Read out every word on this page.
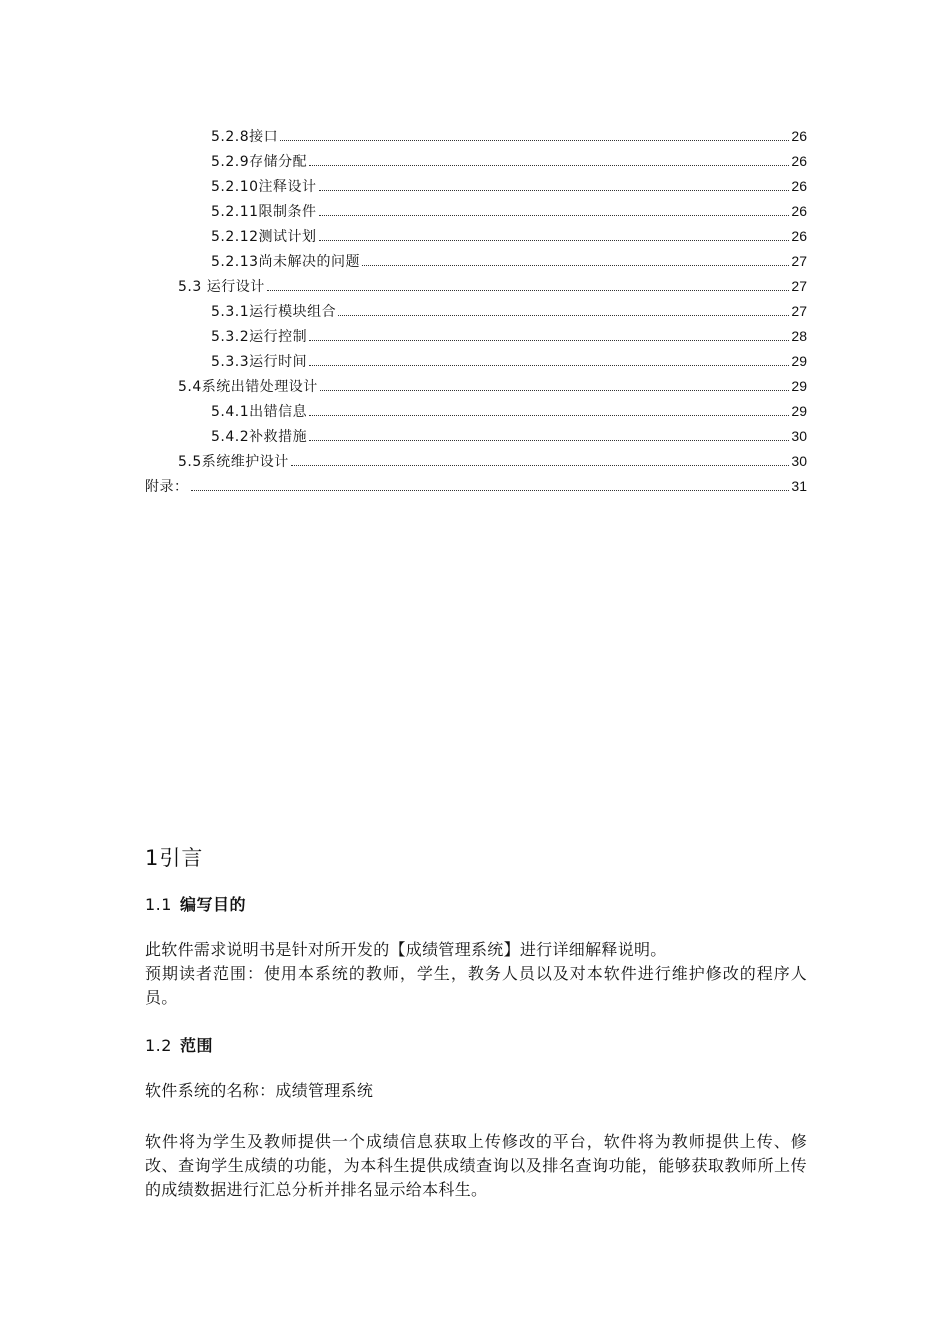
5.2.8接口	26
5.2.9存储分配	26
5.2.10注释设计	26
5.2.11限制条件	26
5.2.12测试计划	26
5.2.13尚未解决的问题	27
5.3 运行设计	27
5.3.1运行模块组合	27
5.3.2运行控制	28
5.3.3运行时间	29
5.4系统出错处理设计	29
5.4.1出错信息	29
5.4.2补救措施	30
5.5系统维护设计	30
附录：	31
1引言
1.1 编写目的
此软件需求说明书是针对所开发的【成绩管理系统】进行详细解释说明。
预期读者范围：使用本系统的教师，学生，教务人员以及对本软件进行维护修改的程序人员。
1.2 范围
软件系统的名称：成绩管理系统
软件将为学生及教师提供一个成绩信息获取上传修改的平台，软件将为教师提供上传、修改、查询学生成绩的功能，为本科生提供成绩查询以及排名查询功能，能够获取教师所上传的成绩数据进行汇总分析并排名显示给本科生。
